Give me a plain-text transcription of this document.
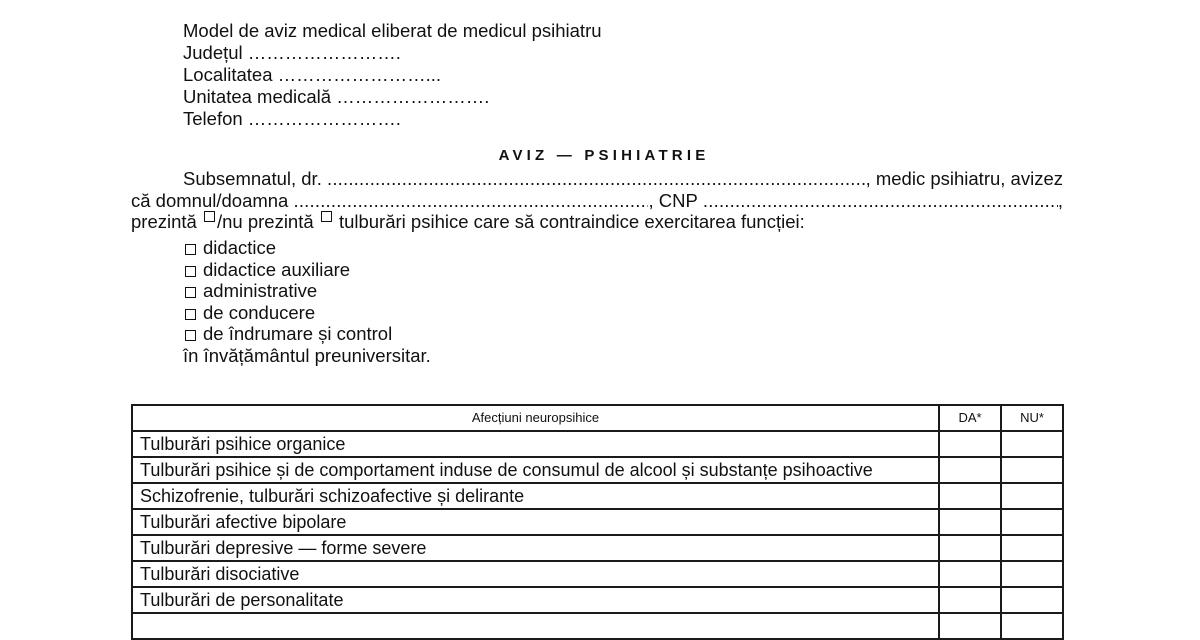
Model de aviz medical eliberat de medicul psihiatru
Județul …………………….
Localitatea ……………………...
Unitatea medicală …………………….
Telefon …………………….
AVIZ — PSIHIATRIE
Subsemnatul, dr.
.....	, medic psihiatru, avizez
că domnul/doamna
.....	, CNP
.....	,
prezintă
/nu prezintă

tulburări psihice care să contraindice exercitarea funcției:
didactice
didactice auxiliare
administrative
de conducere
de îndrumare și control
în învățământul preuniversitar.
Afecțiuni neuropsihice	DA*	NU*
Tulburări psihice organice		
Tulburări psihice și de comportament induse de consumul de alcool și substanțe psihoactive		
Schizofrenie, tulburări schizoafective și delirante		
Tulburări afective bipolare		
Tulburări depresive — forme severe		
Tulburări disociative		
Tulburări de personalitate		
